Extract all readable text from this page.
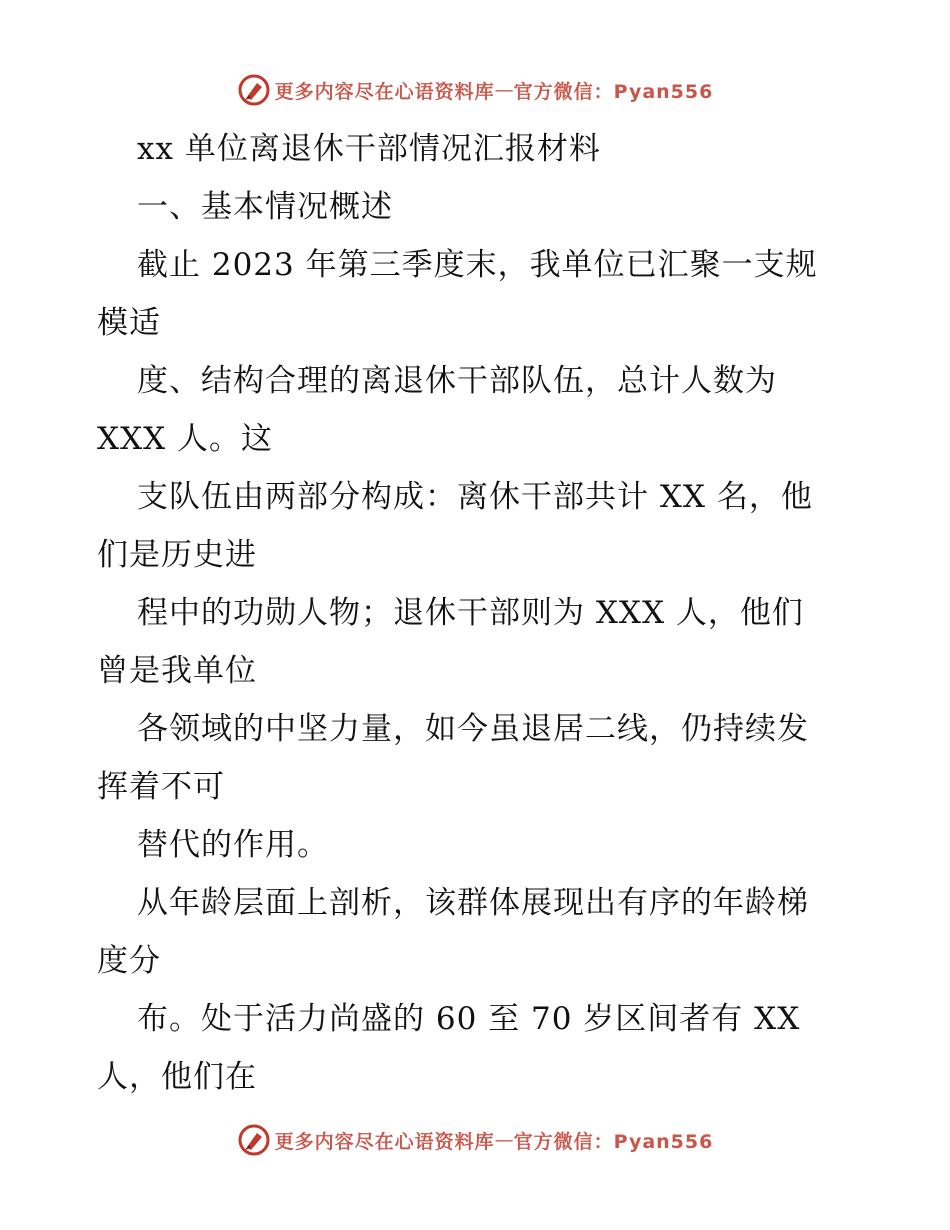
更多内容尽在心语资料库 — 官方微信：Pyan556
xx 单位离退休干部情况汇报材料
一、基本情况概述
截止 2023 年第三季度末，我单位已汇聚一支规
模适
度、结构合理的离退休干部队伍，总计人数为
XXX 人。这
支队伍由两部分构成：离休干部共计 XX 名，他
们是历史进
程中的功勋人物；退休干部则为 XXX 人，他们
曾是我单位
各领域的中坚力量，如今虽退居二线，仍持续发
挥着不可
替代的作用。
从年龄层面上剖析，该群体展现出有序的年龄梯
度分
布。处于活力尚盛的 60 至 70 岁区间者有 XX
人，他们在
更多内容尽在心语资料库 — 官方微信：Pyan556
